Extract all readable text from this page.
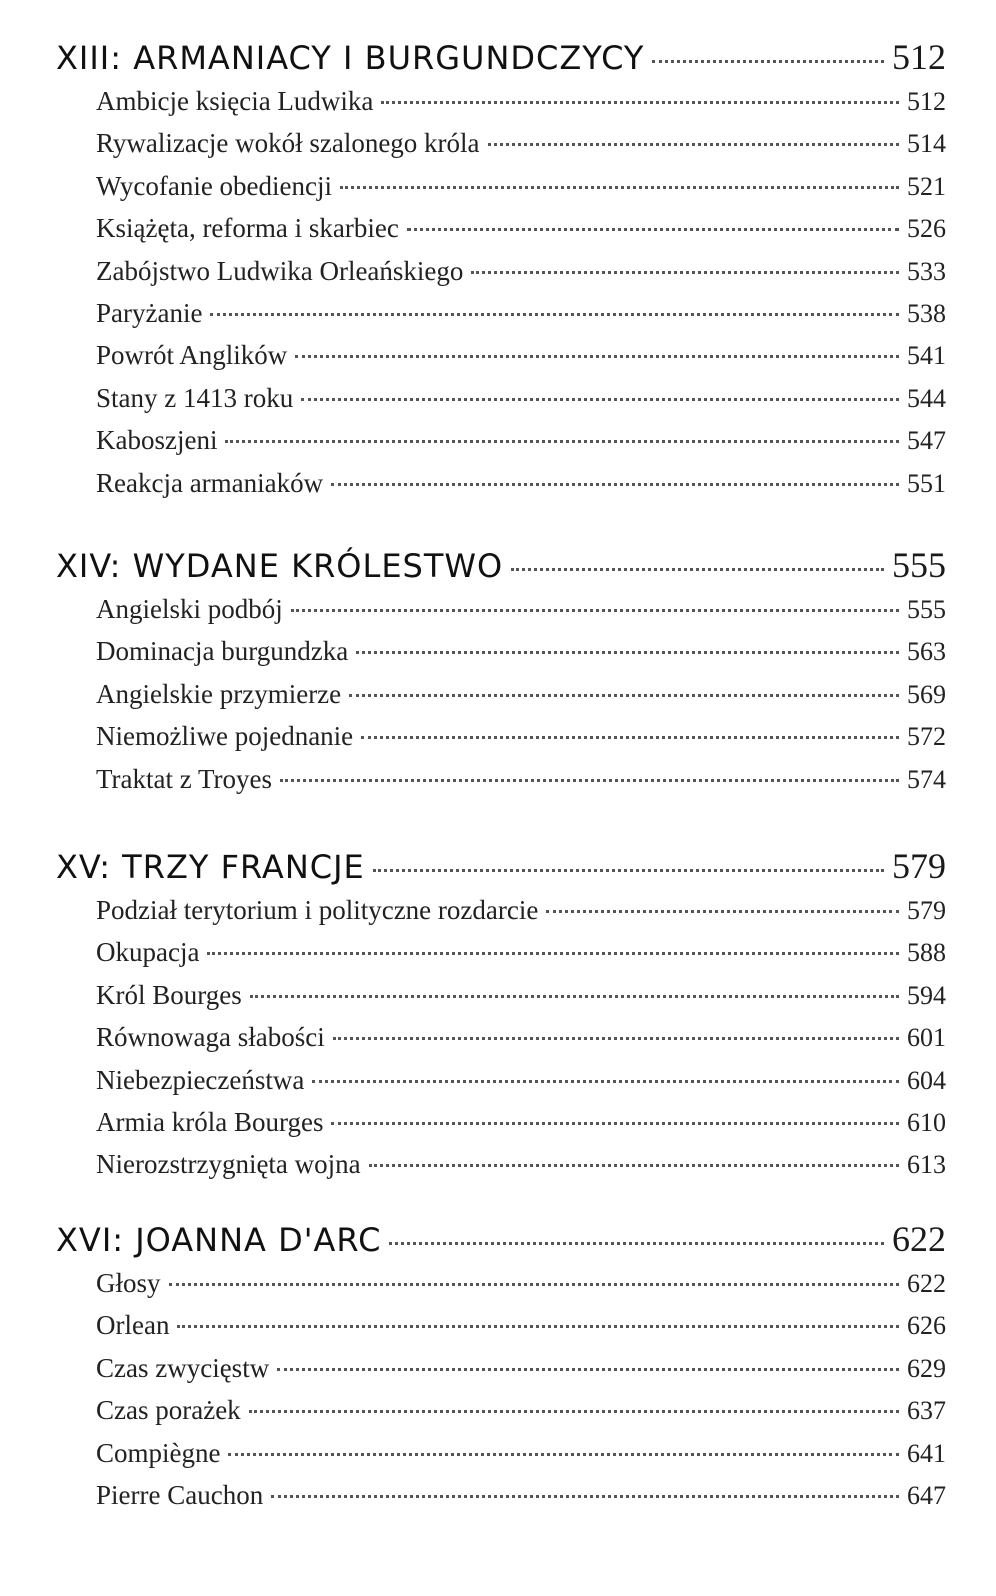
XIII: ARMANIACY I BURGUNDCZYCY	512
Ambicje księcia Ludwika	512
Rywalizacje wokół szalonego króla	514
Wycofanie obediencji	521
Książęta, reforma i skarbiec	526
Zabójstwo Ludwika Orleańskiego	533
Paryżanie	538
Powrót Anglików	541
Stany z 1413 roku	544
Kaboszjeni	547
Reakcja armaniaków	551
XIV: WYDANE KRÓLESTWO	555
Angielski podbój	555
Dominacja burgundzka	563
Angielskie przymierze	569
Niemożliwe pojednanie	572
Traktat z Troyes	574
XV: TRZY FRANCJE	579
Podział terytorium i polityczne rozdarcie	579
Okupacja	588
Król Bourges	594
Równowaga słabości	601
Niebezpieczeństwa	604
Armia króla Bourges	610
Nierozstrzygnięta wojna	613
XVI: JOANNA D'ARC	622
Głosy	622
Orlean	626
Czas zwycięstw	629
Czas porażek	637
Compiègne	641
Pierre Cauchon	647
